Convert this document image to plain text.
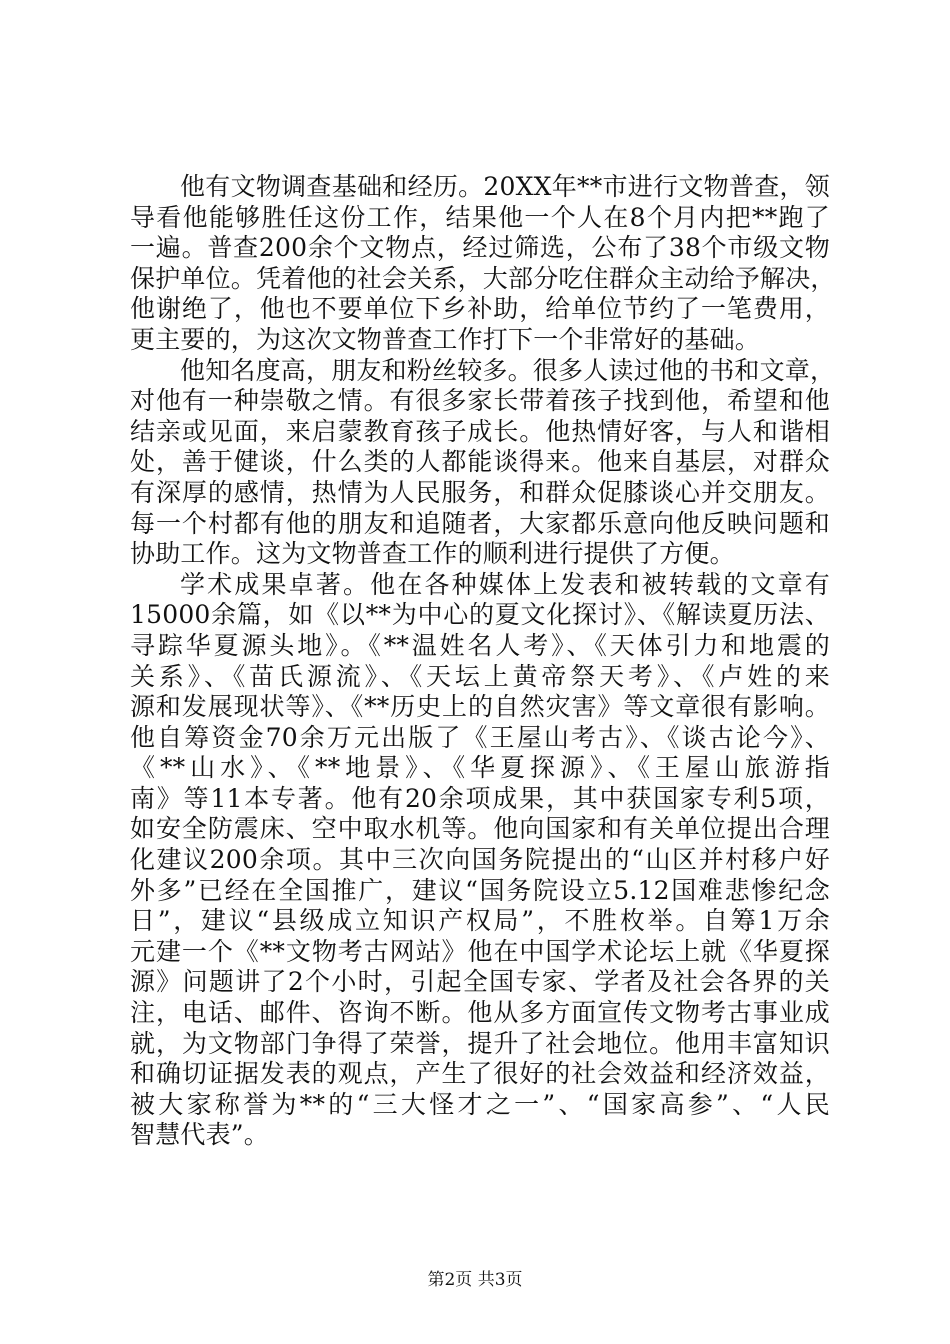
他有文物调查基础和经历。20XX年**市进行文物普查，领
导看他能够胜任这份工作，结果他一个人在8个月内把**跑了
一遍。普查200余个文物点，经过筛选，公布了38个市级文物
保护单位。凭着他的社会关系，大部分吃住群众主动给予解决，
他谢绝了，他也不要单位下乡补助，给单位节约了一笔费用，
更主要的，为这次文物普查工作打下一个非常好的基础。
他知名度高，朋友和粉丝较多。很多人读过他的书和文章，
对他有一种崇敬之情。有很多家长带着孩子找到他，希望和他
结亲或见面，来启蒙教育孩子成长。他热情好客，与人和谐相
处，善于健谈，什么类的人都能谈得来。他来自基层，对群众
有深厚的感情，热情为人民服务，和群众促膝谈心并交朋友。
每一个村都有他的朋友和追随者，大家都乐意向他反映问题和
协助工作。这为文物普查工作的顺利进行提供了方便。
学术成果卓著。他在各种媒体上发表和被转载的文章有
15000余篇，如《以**为中心的夏文化探讨》、《解读夏历法、
寻踪华夏源头地》。《**温姓名人考》、《天体引力和地震的
关系》、《苗氏源流》、《天坛上黄帝祭天考》、《卢姓的来
源和发展现状等》、《**历史上的自然灾害》等文章很有影响。
他自筹资金70余万元出版了《王屋山考古》、《谈古论今》、
《**山水》、《**地景》、《华夏探源》、《王屋山旅游指
南》等11本专著。他有20余项成果，其中获国家专利5项，
如安全防震床、空中取水机等。他向国家和有关单位提出合理
化建议200余项。其中三次向国务院提出的“山区并村移户好
外多”已经在全国推广，建议“国务院设立5.12国难悲惨纪念
日”，建议“县级成立知识产权局”，不胜枚举。自筹1万余
元建一个《**文物考古网站》他在中国学术论坛上就《华夏探
源》问题讲了2个小时，引起全国专家、学者及社会各界的关
注，电话、邮件、咨询不断。他从多方面宣传文物考古事业成
就，为文物部门争得了荣誉，提升了社会地位。他用丰富知识
和确切证据发表的观点，产生了很好的社会效益和经济效益，
被大家称誉为**的“三大怪才之一”、“国家高参”、“人民
智慧代表”。
第2页 共3页
